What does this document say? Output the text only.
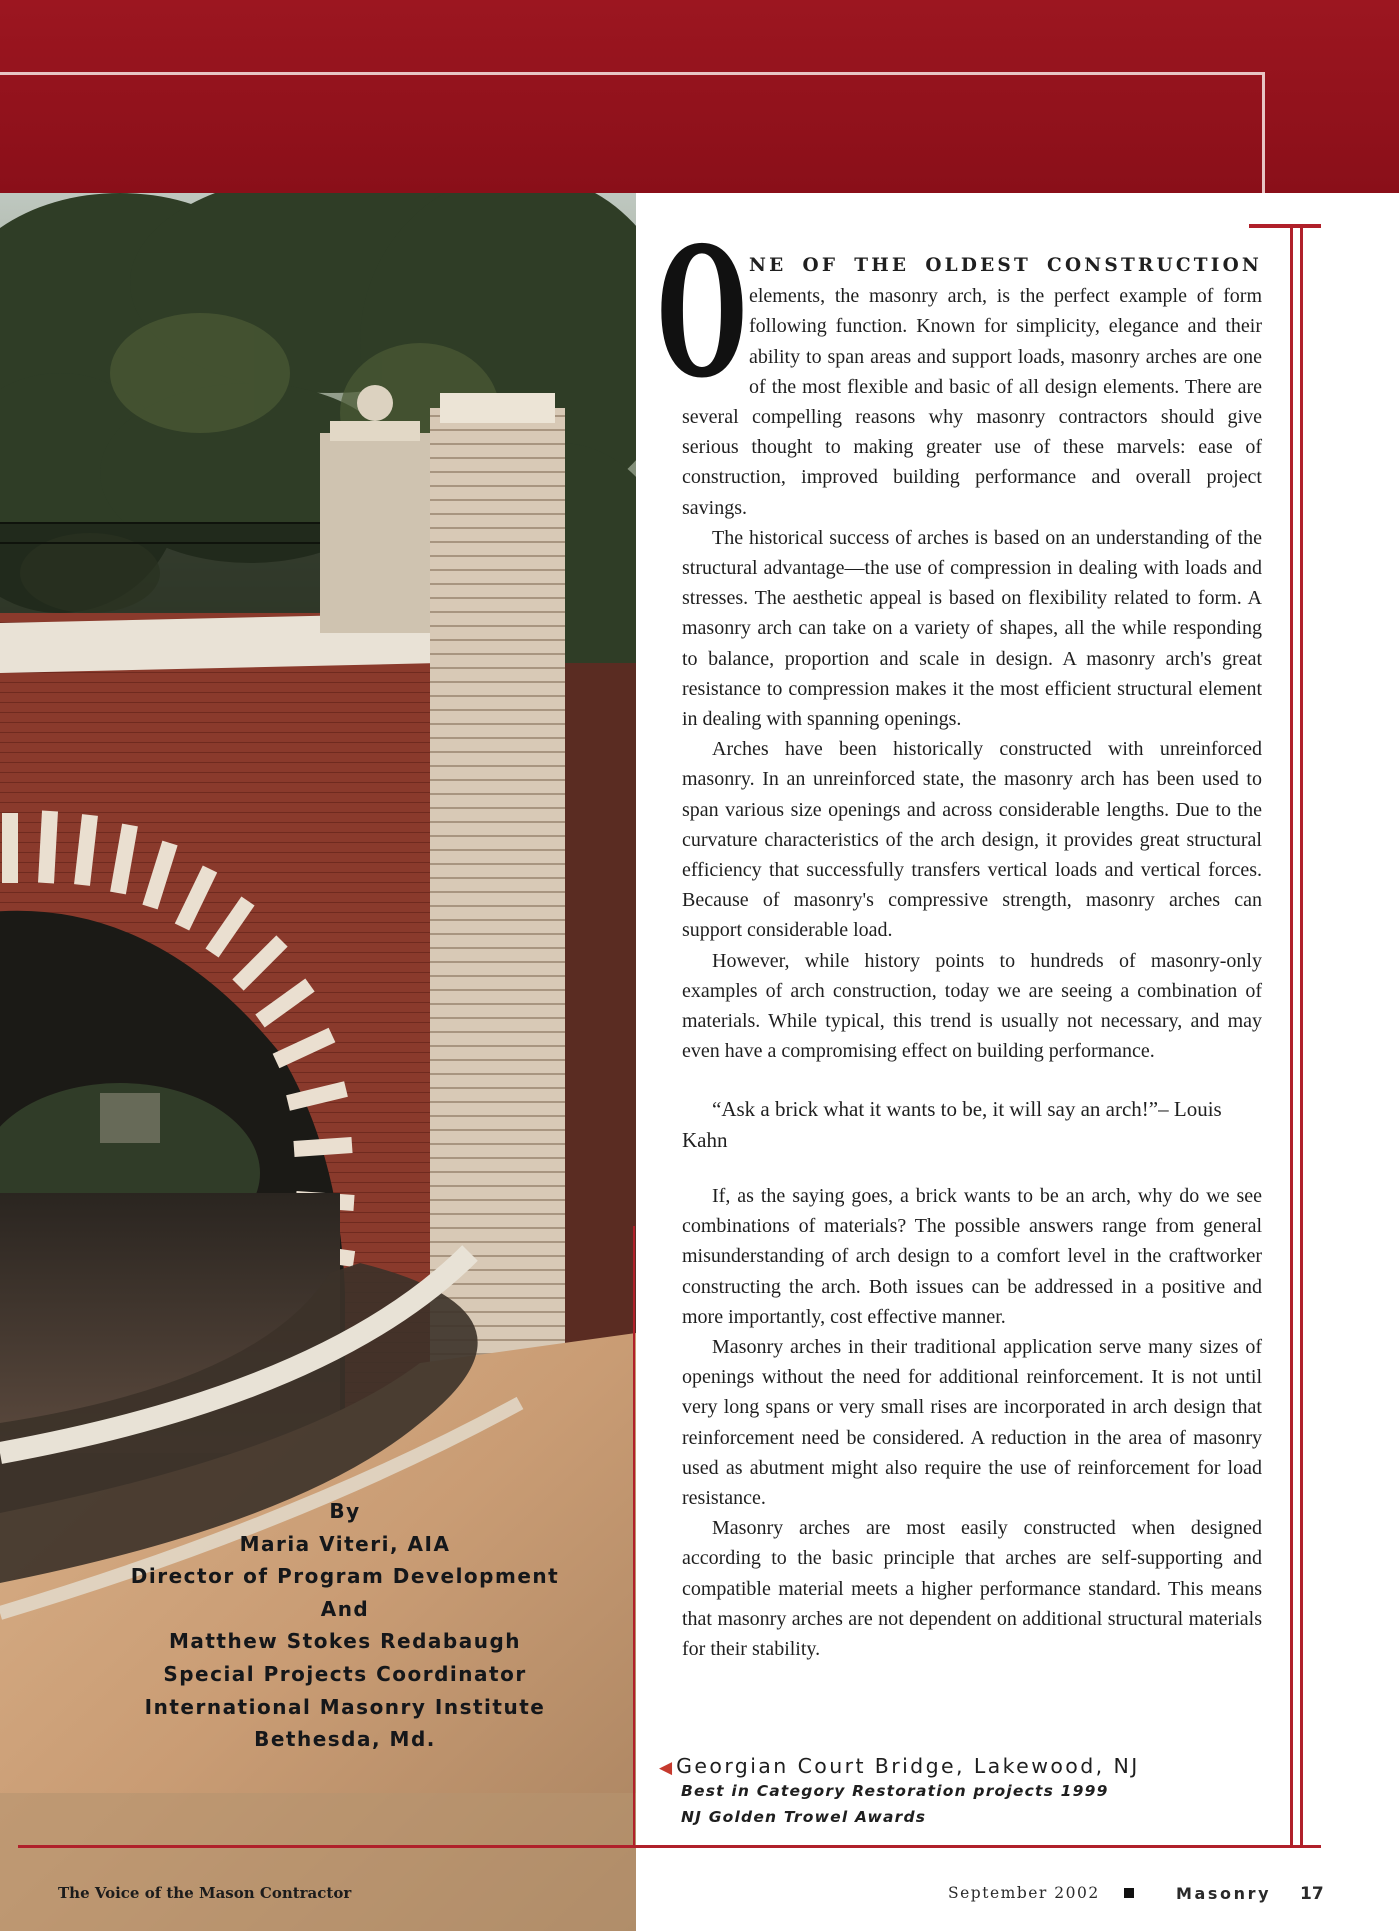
By
Maria Viteri, AIA
Director of Program Development
And
Matthew Stokes Redabaugh
Special Projects Coordinator
International Masonry Institute
Bethesda, Md.
The Voice of the Mason Contractor

ONE OF THE OLDEST CONSTRUCTION elements, the masonry arch, is the perfect example of form following function. Known for simplicity, elegance and their ability to span areas and support loads, masonry arches are one of the most flexible and basic of all design elements. There are several compelling reasons why masonry contractors should give serious thought to making greater use of these marvels: ease of construction, improved building performance and overall project savings.

The historical success of arches is based on an understanding of the structural advantage—the use of compression in dealing with loads and stresses. The aesthetic appeal is based on flexibility related to form. A masonry arch can take on a variety of shapes, all the while responding to balance, proportion and scale in design. A masonry arch's great resistance to compression makes it the most efficient structural element in dealing with spanning openings.

Arches have been historically constructed with unreinforced masonry. In an unreinforced state, the masonry arch has been used to span various size openings and across considerable lengths. Due to the curvature characteristics of the arch design, it provides great structural efficiency that successfully transfers vertical loads and vertical forces. Because of masonry's compressive strength, masonry arches can support considerable load.

However, while history points to hundreds of masonry-only examples of arch construction, today we are seeing a combination of materials. While typical, this trend is usually not necessary, and may even have a compromising effect on building performance.

“Ask a brick what it wants to be, it will say an arch!”– Louis Kahn

If, as the saying goes, a brick wants to be an arch, why do we see combinations of materials? The possible answers range from general misunderstanding of arch design to a comfort level in the craftworker constructing the arch. Both issues can be addressed in a positive and more importantly, cost effective manner.

Masonry arches in their traditional application serve many sizes of openings without the need for additional reinforcement. It is not until very long spans or very small rises are incorporated in arch design that reinforcement need be considered. A reduction in the area of masonry used as abutment might also require the use of reinforcement for load resistance.

Masonry arches are most easily constructed when designed according to the basic principle that arches are self-supporting and compatible material meets a higher performance standard. This means that masonry arches are not dependent on additional structural materials for their stability.

◀ Georgian Court Bridge, Lakewood, NJ
Best in Category Restoration projects 1999
NJ Golden Trowel Awards
September 2002	Masonry 17
